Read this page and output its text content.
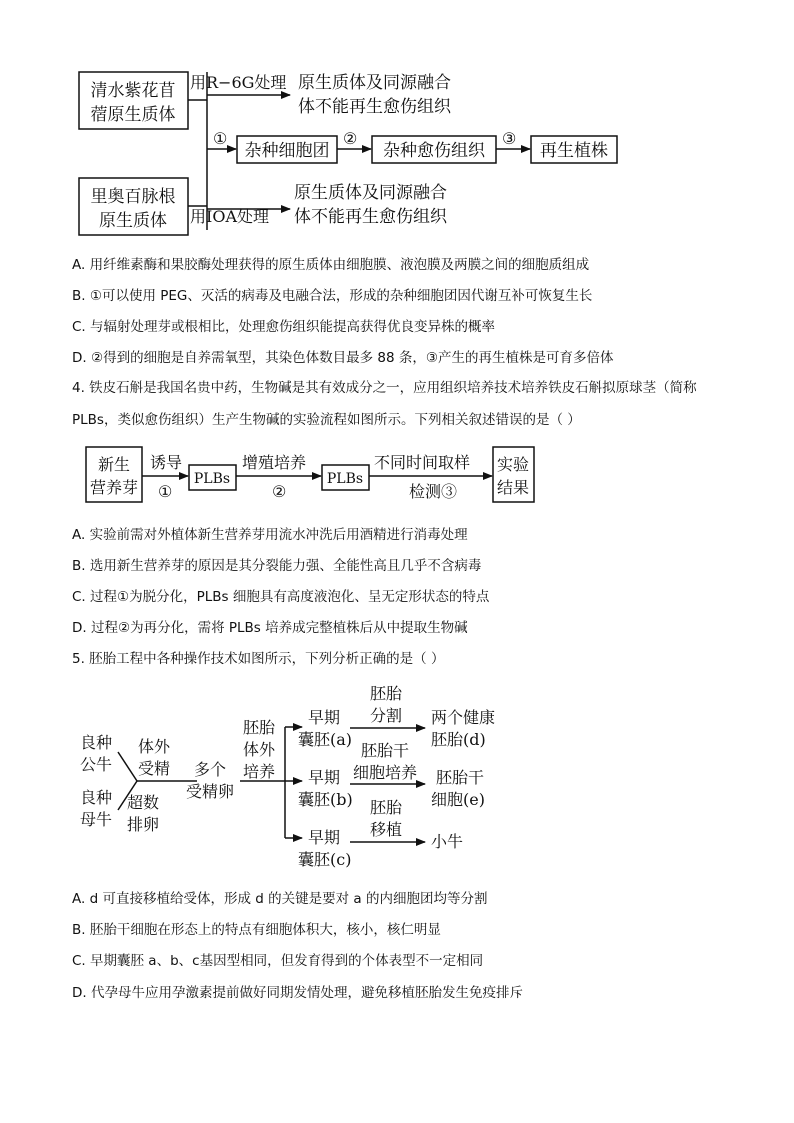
清水紫花苜
蓿原生质体
里奥百脉根
原生质体
用R−6G处理 原生质体及同源融合
体不能再生愈伤组织
用IOA处理
原生质体及同源融合
体不能再生愈伤组织
①
杂种细胞团
②
杂种愈伤组织
③
再生植株
A. 用纤维素酶和果胶酶处理获得的原生质体由细胞膜、液泡膜及两膜之间的细胞质组成
B. ①可以使用 PEG、灭活的病毒及电融合法，形成的杂种细胞团因代谢互补可恢复生长
C. 与辐射处理芽或根相比，处理愈伤组织能提高获得优良变异株的概率
D. ②得到的细胞是自养需氧型，其染色体数目最多 88 条，③产生的再生植株是可育多倍体
4. 铁皮石斛是我国名贵中药，生物碱是其有效成分之一，应用组织培养技术培养铁皮石斛拟原球茎（简称
PLBs，类似愈伤组织）生产生物碱的实验流程如图所示。下列相关叙述错误的是（ ）
新生
营养芽
诱导
①
PLBs
增殖培养
②
PLBs
不同时间取样
检测③
实验
结果
A. 实验前需对外植体新生营养芽用流水冲洗后用酒精进行消毒处理
B. 选用新生营养芽的原因是其分裂能力强、全能性高且几乎不含病毒
C. 过程①为脱分化，PLBs 细胞具有高度液泡化、呈无定形状态的特点
D. 过程②为再分化，需将 PLBs 培养成完整植株后从中提取生物碱
5. 胚胎工程中各种操作技术如图所示，下列分析正确的是（ ）
良种
公牛
良种
母牛
体外
受精
超数
排卵
多个
受精卵
胚胎
体外
培养
早期
囊胚(a)
早期
囊胚(b)
早期
囊胚(c)
胚胎
分割
胚胎干
细胞培养
胚胎
移植
两个健康
胚胎(d)
胚胎干
细胞(e)
小牛
A. d 可直接移植给受体，形成 d 的关键是要对 a 的内细胞团均等分割
B. 胚胎干细胞在形态上的特点有细胞体积大，核小，核仁明显
C. 早期囊胚 a、b、c基因型相同，但发育得到的个体表型不一定相同
D. 代孕母牛应用孕激素提前做好同期发情处理，避免移植胚胎发生免疫排斥
